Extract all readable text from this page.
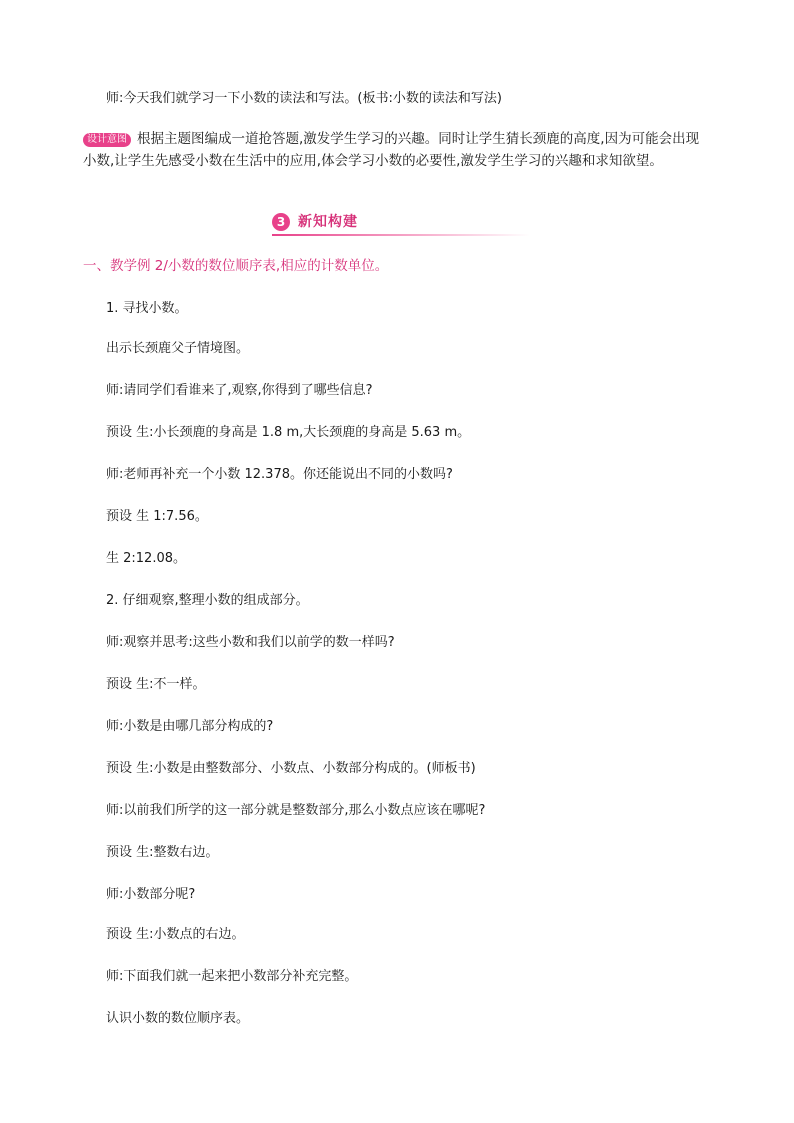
师:今天我们就学习一下小数的读法和写法。(板书:小数的读法和写法)
设计意图 根据主题图编成一道抢答题,激发学生学习的兴趣。同时让学生猜长颈鹿的高度,因为可能会出现小数,让学生先感受小数在生活中的应用,体会学习小数的必要性,激发学生学习的兴趣和求知欲望。
3 新知构建
一、教学例 2/小数的数位顺序表,相应的计数单位。
1. 寻找小数。
出示长颈鹿父子情境图。
师:请同学们看谁来了,观察,你得到了哪些信息?
预设 生:小长颈鹿的身高是 1.8 m,大长颈鹿的身高是 5.63 m。
师:老师再补充一个小数 12.378。你还能说出不同的小数吗?
预设 生 1:7.56。
生 2:12.08。
2. 仔细观察,整理小数的组成部分。
师:观察并思考:这些小数和我们以前学的数一样吗?
预设 生:不一样。
师:小数是由哪几部分构成的?
预设 生:小数是由整数部分、小数点、小数部分构成的。(师板书)
师:以前我们所学的这一部分就是整数部分,那么小数点应该在哪呢?
预设 生:整数右边。
师:小数部分呢?
预设 生:小数点的右边。
师:下面我们就一起来把小数部分补充完整。
认识小数的数位顺序表。
